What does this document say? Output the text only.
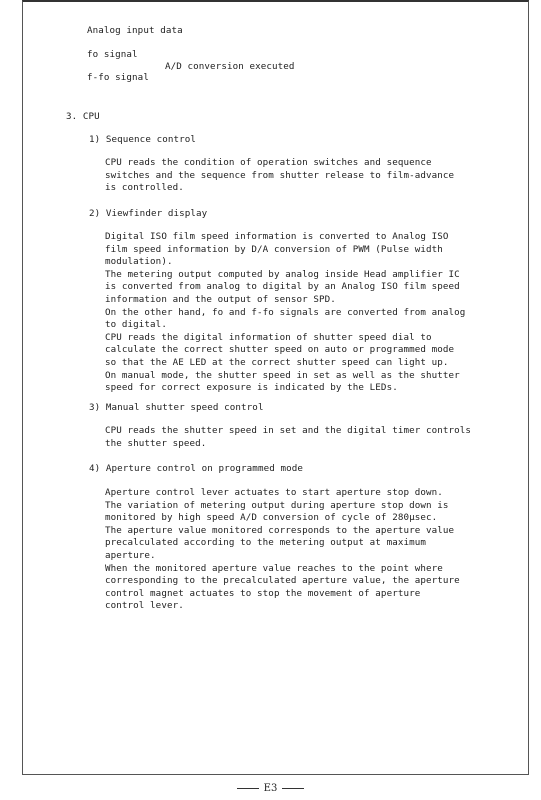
Analog input data
fo signal
A/D conversion executed
f-fo signal
3. CPU
1) Sequence control
CPU reads the condition of operation switches and sequence
switches and the sequence from shutter release to film-advance
is controlled.
2) Viewfinder display
Digital ISO film speed information is converted to Analog ISO
film speed information by D/A conversion of PWM (Pulse width
modulation).
The metering output computed by analog inside Head amplifier IC
is converted from analog to digital by an Analog ISO film speed
information and the output of sensor SPD.
On the other hand, fo and f-fo signals are converted from analog
to digital.
CPU reads the digital information of shutter speed dial to
calculate the correct shutter speed on auto or programmed mode
so that the AE LED at the correct shutter speed can light up.
On manual mode, the shutter speed in set as well as the shutter
speed for correct exposure is indicated by the LEDs.
3) Manual shutter speed control
CPU reads the shutter speed in set and the digital timer controls
the shutter speed.
4) Aperture control on programmed mode
Aperture control lever actuates to start aperture stop down.
The variation of metering output during aperture stop down is
monitored by high speed A/D conversion of cycle of 280μsec.
The aperture value monitored corresponds to the aperture value
precalculated according to the metering output at maximum
aperture.
When the monitored aperture value reaches to the point where
corresponding to the precalculated aperture value, the aperture
control magnet actuates to stop the movement of aperture
control lever.
E3
